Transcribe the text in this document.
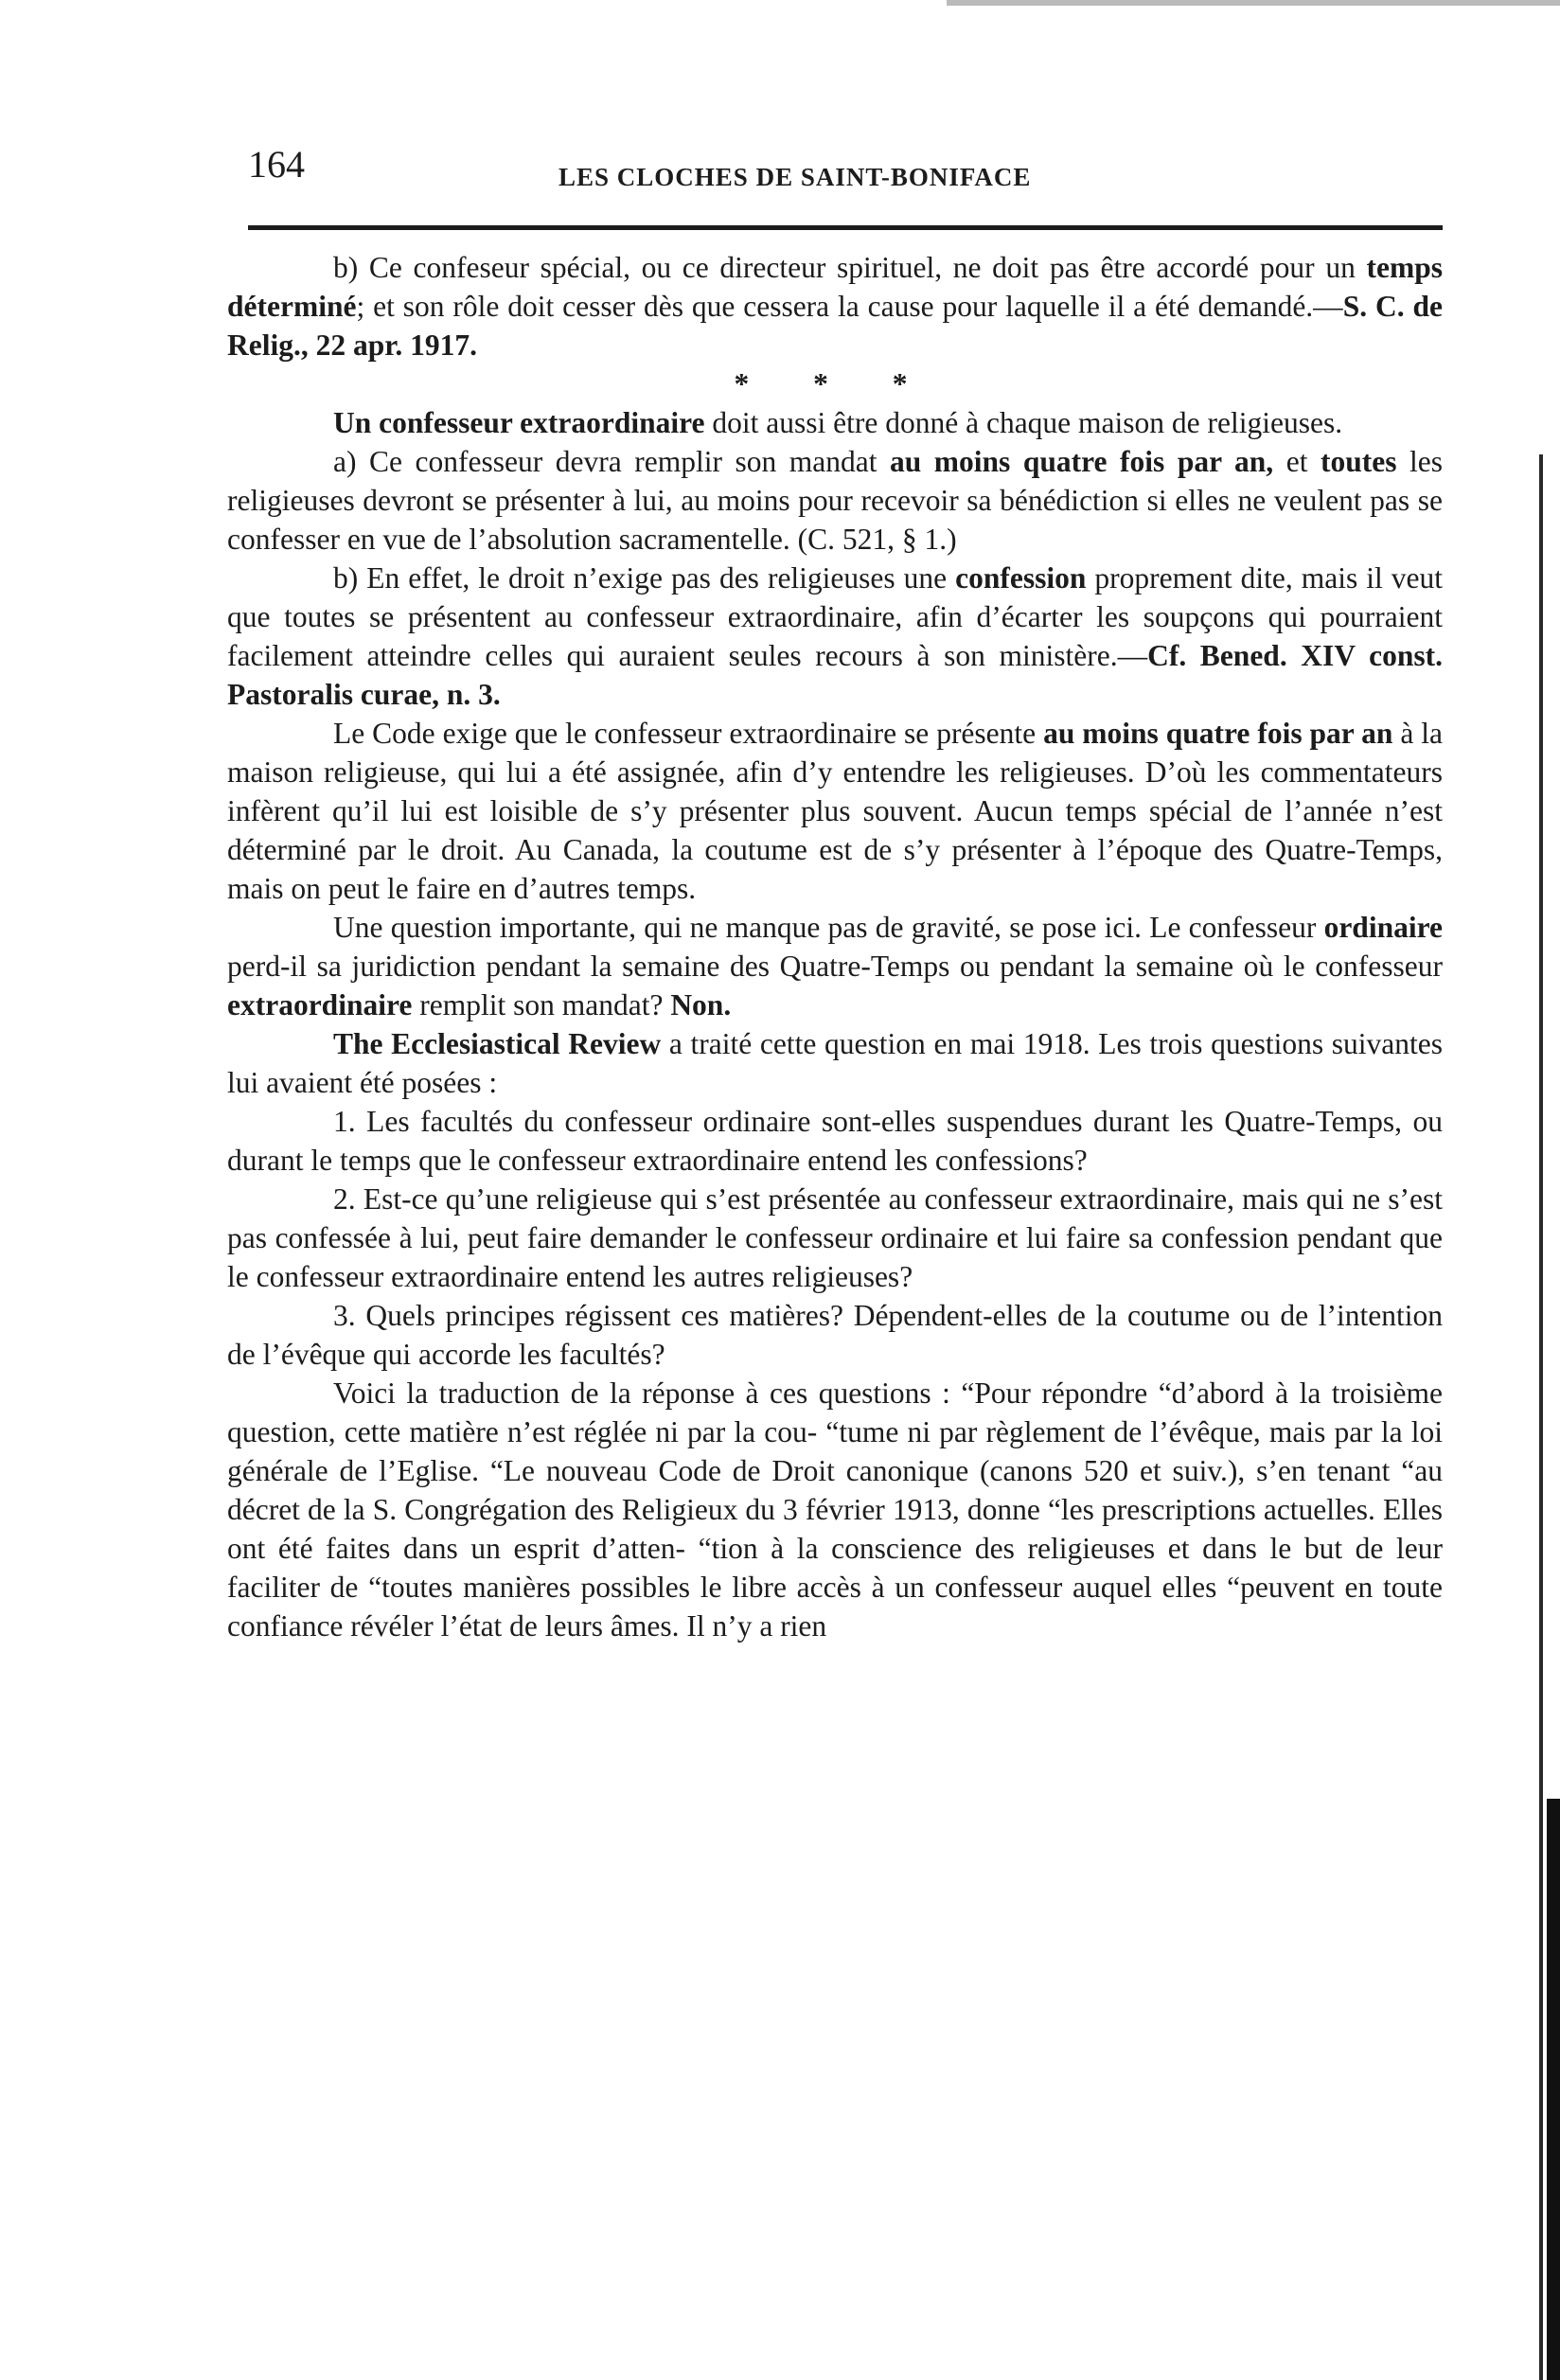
164	LES CLOCHES DE SAINT-BONIFACE

b) Ce confeseur spécial, ou ce directeur spirituel, ne doit pas être accordé pour un temps déterminé; et son rôle doit cesser dès que cessera la cause pour laquelle il a été demandé.—S. C. de Relig., 22 apr. 1917.

* * *

Un confesseur extraordinaire doit aussi être donné à chaque maison de religieuses.

a) Ce confesseur devra remplir son mandat au moins quatre fois par an, et toutes les religieuses devront se présenter à lui, au moins pour recevoir sa bénédiction si elles ne veulent pas se confesser en vue de l’absolution sacramentelle. (C. 521, § 1.)

b) En effet, le droit n’exige pas des religieuses une confession proprement dite, mais il veut que toutes se présentent au confesseur extraordinaire, afin d’écarter les soupçons qui pourraient facilement atteindre celles qui auraient seules recours à son ministère.—Cf. Bened. XIV const. Pastoralis curae, n. 3.

Le Code exige que le confesseur extraordinaire se présente au moins quatre fois par an à la maison religieuse, qui lui a été assignée, afin d’y entendre les religieuses. D’où les commentateurs infèrent qu’il lui est loisible de s’y présenter plus souvent. Aucun temps spécial de l’année n’est déterminé par le droit. Au Canada, la coutume est de s’y présenter à l’époque des Quatre-Temps, mais on peut le faire en d’autres temps.

Une question importante, qui ne manque pas de gravité, se pose ici. Le confesseur ordinaire perd-il sa juridiction pendant la semaine des Quatre-Temps ou pendant la semaine où le confesseur extraordinaire remplit son mandat? Non.

The Ecclesiastical Review a traité cette question en mai 1918. Les trois questions suivantes lui avaient été posées :

1. Les facultés du confesseur ordinaire sont-elles suspendues durant les Quatre-Temps, ou durant le temps que le confesseur extraordinaire entend les confessions?

2. Est-ce qu’une religieuse qui s’est présentée au confesseur extraordinaire, mais qui ne s’est pas confessée à lui, peut faire demander le confesseur ordinaire et lui faire sa confession pendant que le confesseur extraordinaire entend les autres religieuses?

3. Quels principes régissent ces matières? Dépendent-elles de la coutume ou de l’intention de l’évêque qui accorde les facultés?

Voici la traduction de la réponse à ces questions : “Pour répondre “d’abord à la troisième question, cette matière n’est réglée ni par la cou- “tume ni par règlement de l’évêque, mais par la loi générale de l’Eglise. “Le nouveau Code de Droit canonique (canons 520 et suiv.), s’en tenant “au décret de la S. Congrégation des Religieux du 3 février 1913, donne “les prescriptions actuelles. Elles ont été faites dans un esprit d’atten- “tion à la conscience des religieuses et dans le but de leur faciliter de “toutes manières possibles le libre accès à un confesseur auquel elles “peuvent en toute confiance révéler l’état de leurs âmes. Il n’y a rien
